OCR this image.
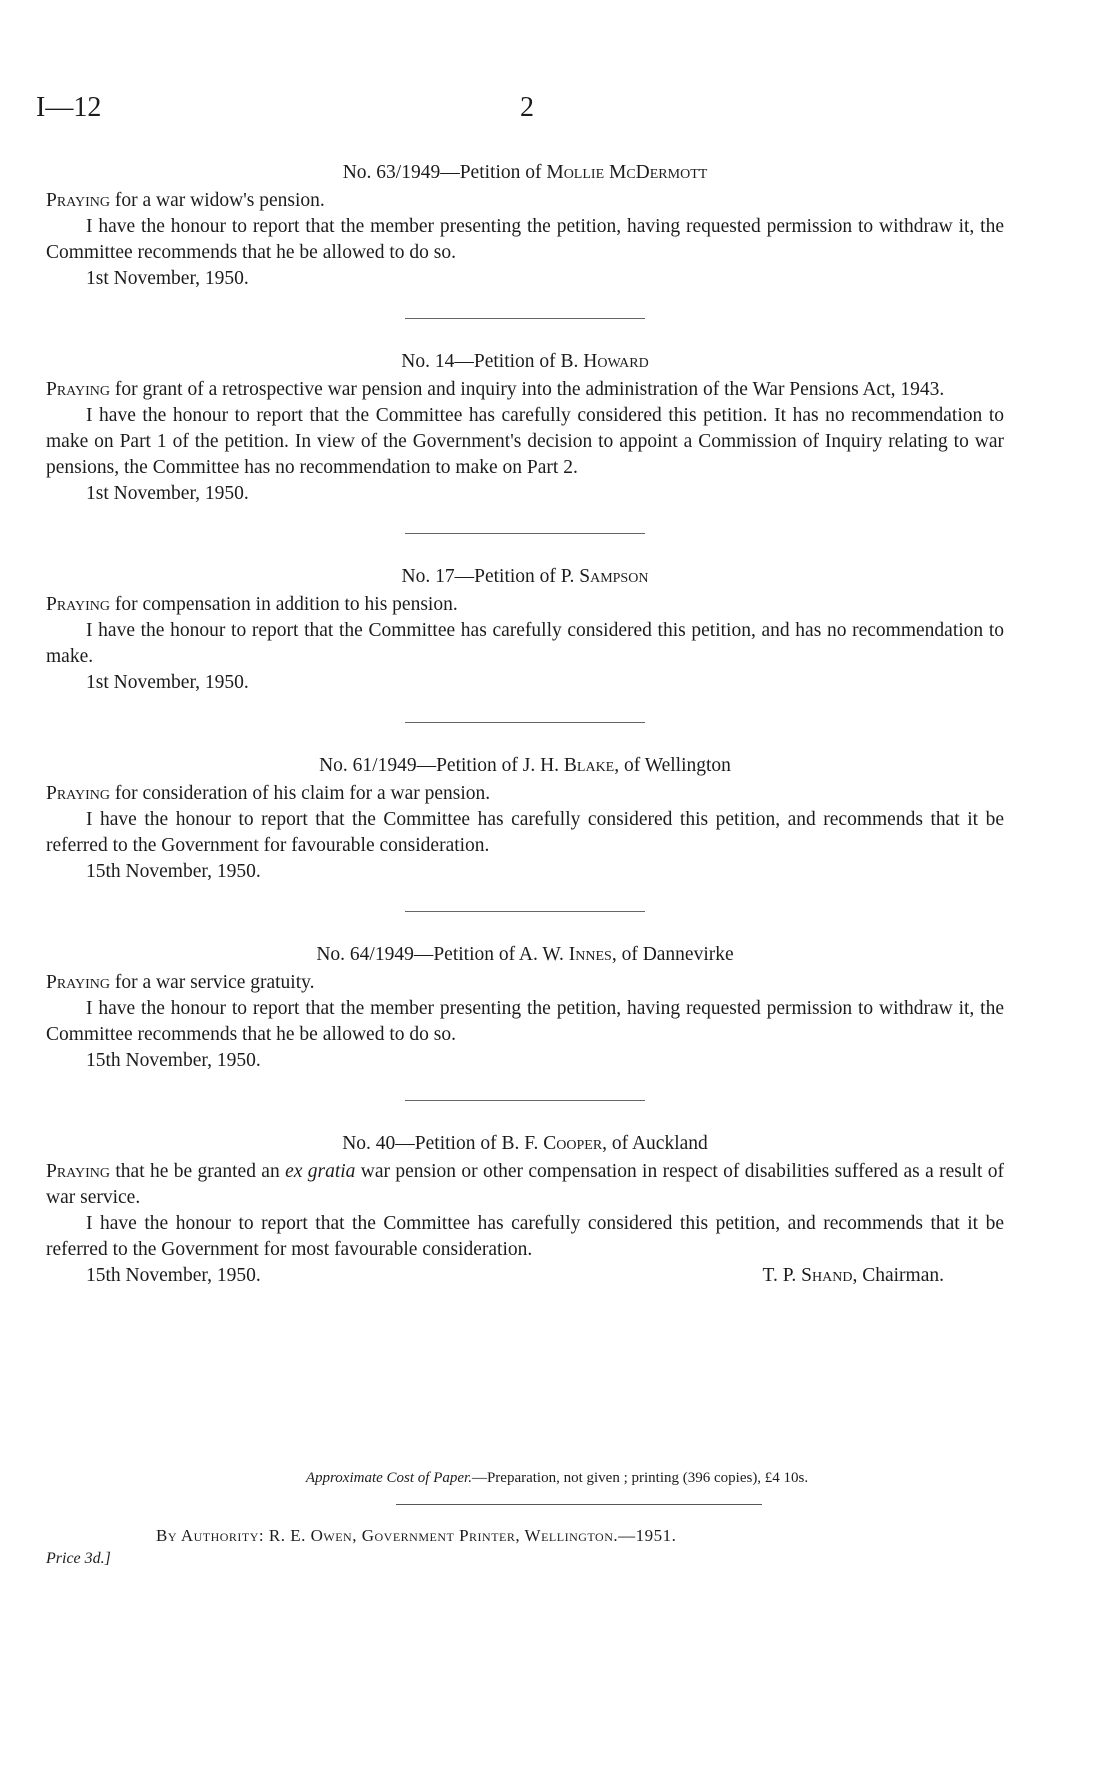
I—12	2
No. 63/1949—Petition of Mollie McDermott

Praying for a war widow's pension.

I have the honour to report that the member presenting the petition, having requested permission to withdraw it, the Committee recommends that he be allowed to do so.

1st November, 1950.

No. 14—Petition of B. Howard

Praying for grant of a retrospective war pension and inquiry into the administration of the War Pensions Act, 1943.

I have the honour to report that the Committee has carefully considered this petition. It has no recommendation to make on Part 1 of the petition. In view of the Government's decision to appoint a Commission of Inquiry relating to war pensions, the Committee has no recommendation to make on Part 2.

1st November, 1950.

No. 17—Petition of P. Sampson

Praying for compensation in addition to his pension.

I have the honour to report that the Committee has carefully considered this petition, and has no recommendation to make.

1st November, 1950.

No. 61/1949—Petition of J. H. Blake, of Wellington

Praying for consideration of his claim for a war pension.

I have the honour to report that the Committee has carefully considered this petition, and recommends that it be referred to the Government for favourable consideration.

15th November, 1950.

No. 64/1949—Petition of A. W. Innes, of Dannevirke

Praying for a war service gratuity.

I have the honour to report that the member presenting the petition, having requested permission to withdraw it, the Committee recommends that he be allowed to do so.

15th November, 1950.

No. 40—Petition of B. F. Cooper, of Auckland

Praying that he be granted an ex gratia war pension or other compensation in respect of disabilities suffered as a result of war service.

I have the honour to report that the Committee has carefully considered this petition, and recommends that it be referred to the Government for most favourable consideration.

15th November, 1950.	T. P. Shand, Chairman.
Approximate Cost of Paper.—Preparation, not given ; printing (396 copies), £4 10s.
By Authority: R. E. Owen, Government Printer, Wellington.—1951.
Price 3d.]
